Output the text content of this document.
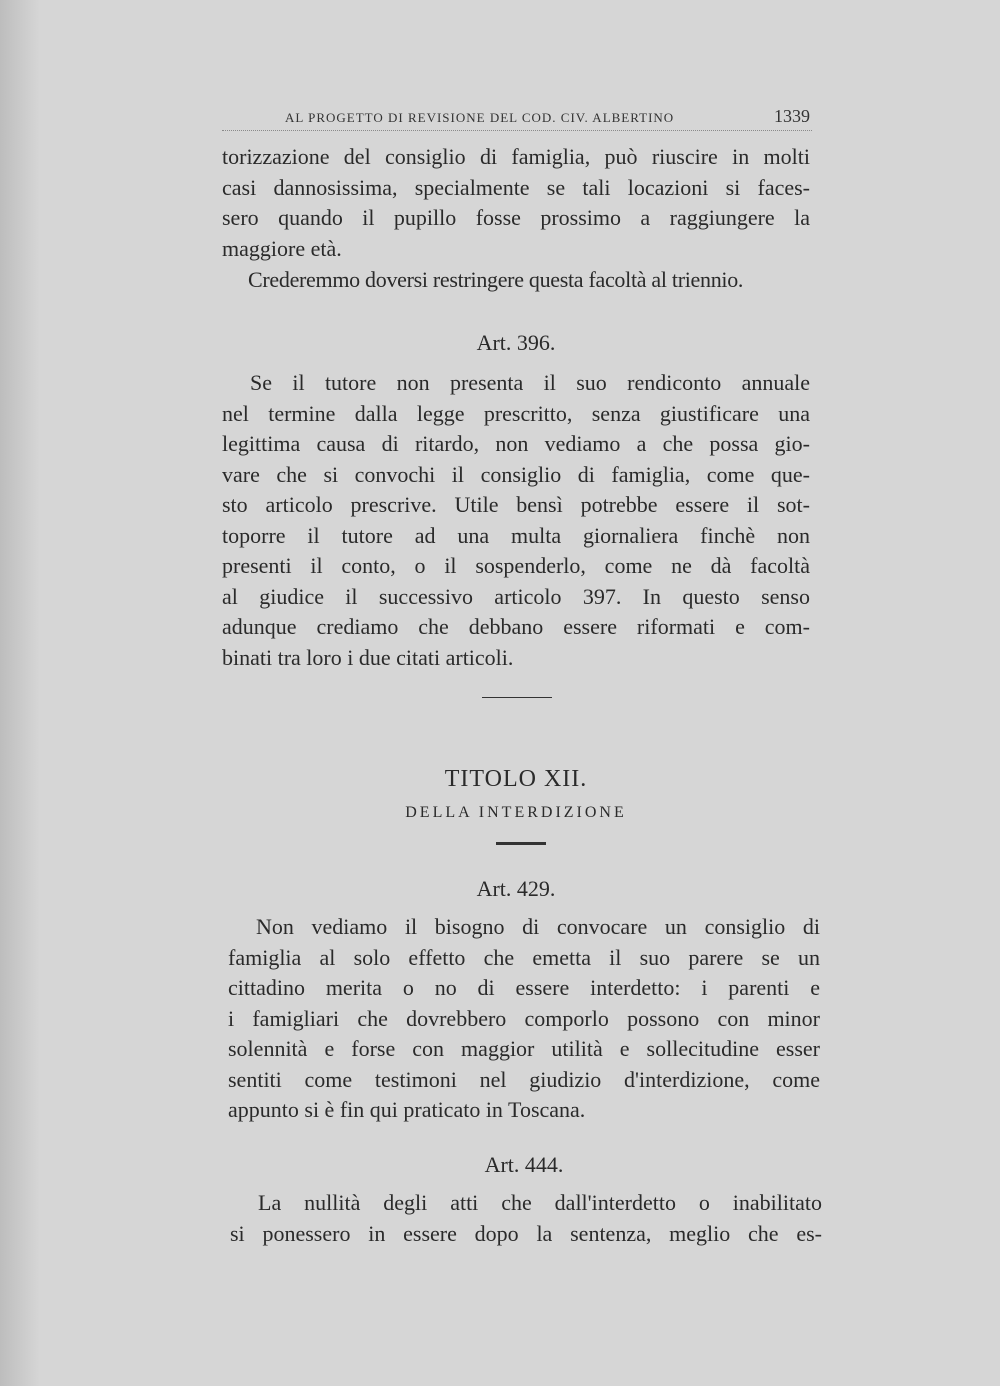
AL PROGETTO DI REVISIONE DEL COD. CIV. ALBERTINO	1339
torizzazione del consiglio di famiglia, può riuscire in molti
casi dannosissima, specialmente se tali locazioni si faces-
sero quando il pupillo fosse prossimo a raggiungere la
maggiore età.
Crederemmo doversi restringere questa facoltà al triennio.

Art. 396.

Se il tutore non presenta il suo rendiconto annuale
nel termine dalla legge prescritto, senza giustificare una
legittima causa di ritardo, non vediamo a che possa gio-
vare che si convochi il consiglio di famiglia, come que-
sto articolo prescrive. Utile bensì potrebbe essere il sot-
toporre il tutore ad una multa giornaliera finchè non
presenti il conto, o il sospenderlo, come ne dà facoltà
al giudice il successivo articolo 397. In questo senso
adunque crediamo che debbano essere riformati e com-
binati tra loro i due citati articoli.

TITOLO XII.

DELLA INTERDIZIONE

Art. 429.

Non vediamo il bisogno di convocare un consiglio di
famiglia al solo effetto che emetta il suo parere se un
cittadino merita o no di essere interdetto: i parenti e
i famigliari che dovrebbero comporlo possono con minor
solennità e forse con maggior utilità e sollecitudine esser
sentiti come testimoni nel giudizio d'interdizione, come
appunto si è fin qui praticato in Toscana.

Art. 444.

La nullità degli atti che dall'interdetto o inabilitato
si ponessero in essere dopo la sentenza, meglio che es-
